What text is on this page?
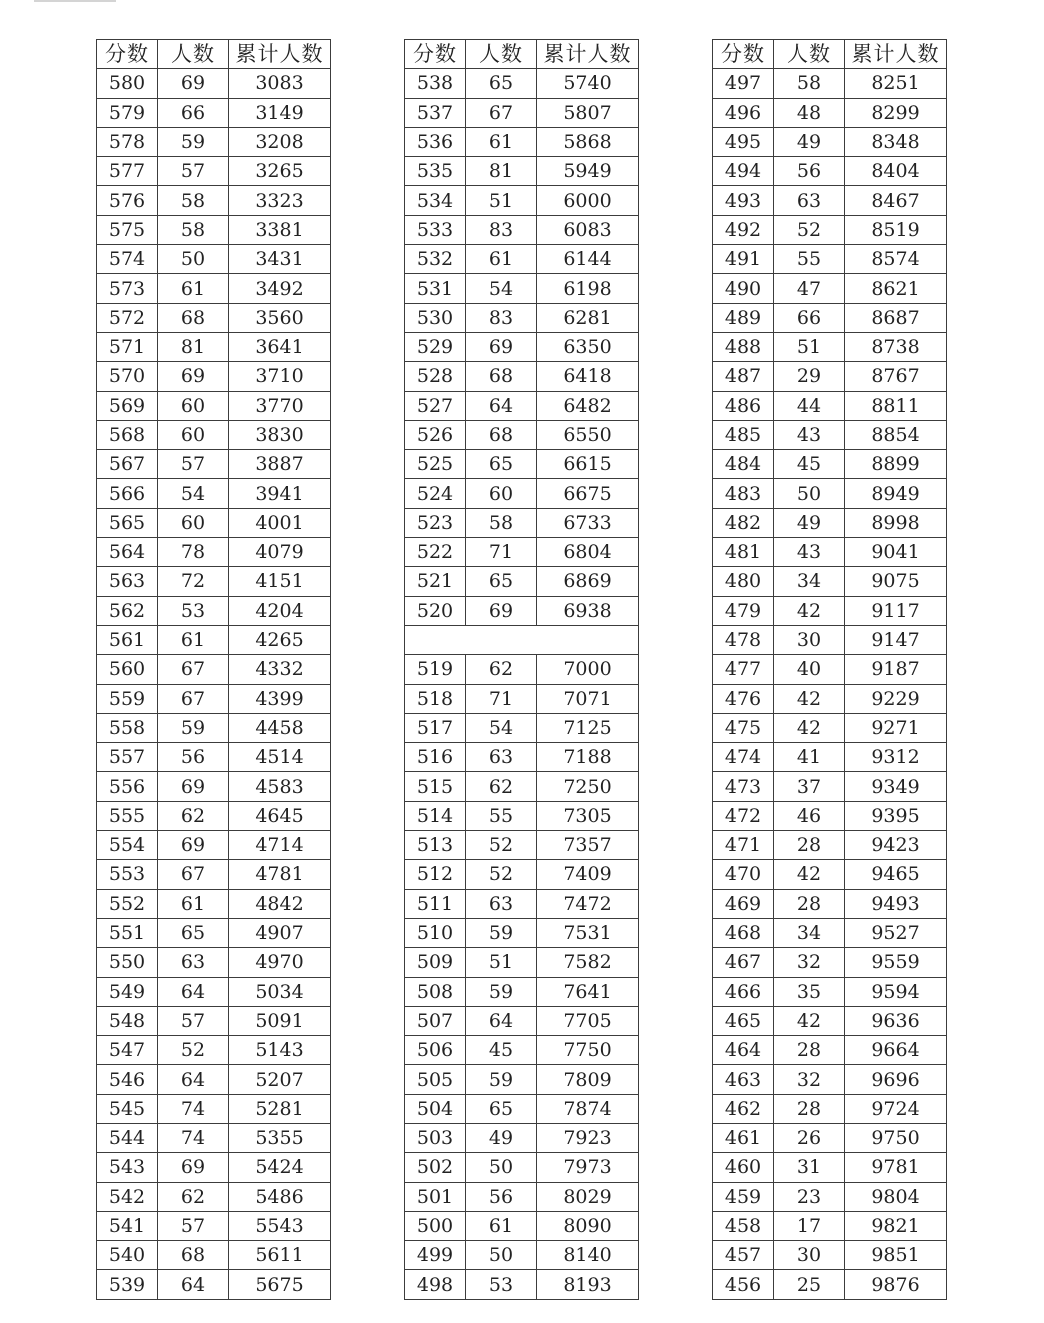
分数	人数	累计人数
580	69	3083
579	66	3149
578	59	3208
577	57	3265
576	58	3323
575	58	3381
574	50	3431
573	61	3492
572	68	3560
571	81	3641
570	69	3710
569	60	3770
568	60	3830
567	57	3887
566	54	3941
565	60	4001
564	78	4079
563	72	4151
562	53	4204
561	61	4265
560	67	4332
559	67	4399
558	59	4458
557	56	4514
556	69	4583
555	62	4645
554	69	4714
553	67	4781
552	61	4842
551	65	4907
550	63	4970
549	64	5034
548	57	5091
547	52	5143
546	64	5207
545	74	5281
544	74	5355
543	69	5424
542	62	5486
541	57	5543
540	68	5611
539	64	5675
分数	人数	累计人数
538	65	5740
537	67	5807
536	61	5868
535	81	5949
534	51	6000
533	83	6083
532	61	6144
531	54	6198
530	83	6281
529	69	6350
528	68	6418
527	64	6482
526	68	6550
525	65	6615
524	60	6675
523	58	6733
522	71	6804
521	65	6869
520	69	6938

519	62	7000
518	71	7071
517	54	7125
516	63	7188
515	62	7250
514	55	7305
513	52	7357
512	52	7409
511	63	7472
510	59	7531
509	51	7582
508	59	7641
507	64	7705
506	45	7750
505	59	7809
504	65	7874
503	49	7923
502	50	7973
501	56	8029
500	61	8090
499	50	8140
498	53	8193
分数	人数	累计人数
497	58	8251
496	48	8299
495	49	8348
494	56	8404
493	63	8467
492	52	8519
491	55	8574
490	47	8621
489	66	8687
488	51	8738
487	29	8767
486	44	8811
485	43	8854
484	45	8899
483	50	8949
482	49	8998
481	43	9041
480	34	9075
479	42	9117
478	30	9147
477	40	9187
476	42	9229
475	42	9271
474	41	9312
473	37	9349
472	46	9395
471	28	9423
470	42	9465
469	28	9493
468	34	9527
467	32	9559
466	35	9594
465	42	9636
464	28	9664
463	32	9696
462	28	9724
461	26	9750
460	31	9781
459	23	9804
458	17	9821
457	30	9851
456	25	9876
